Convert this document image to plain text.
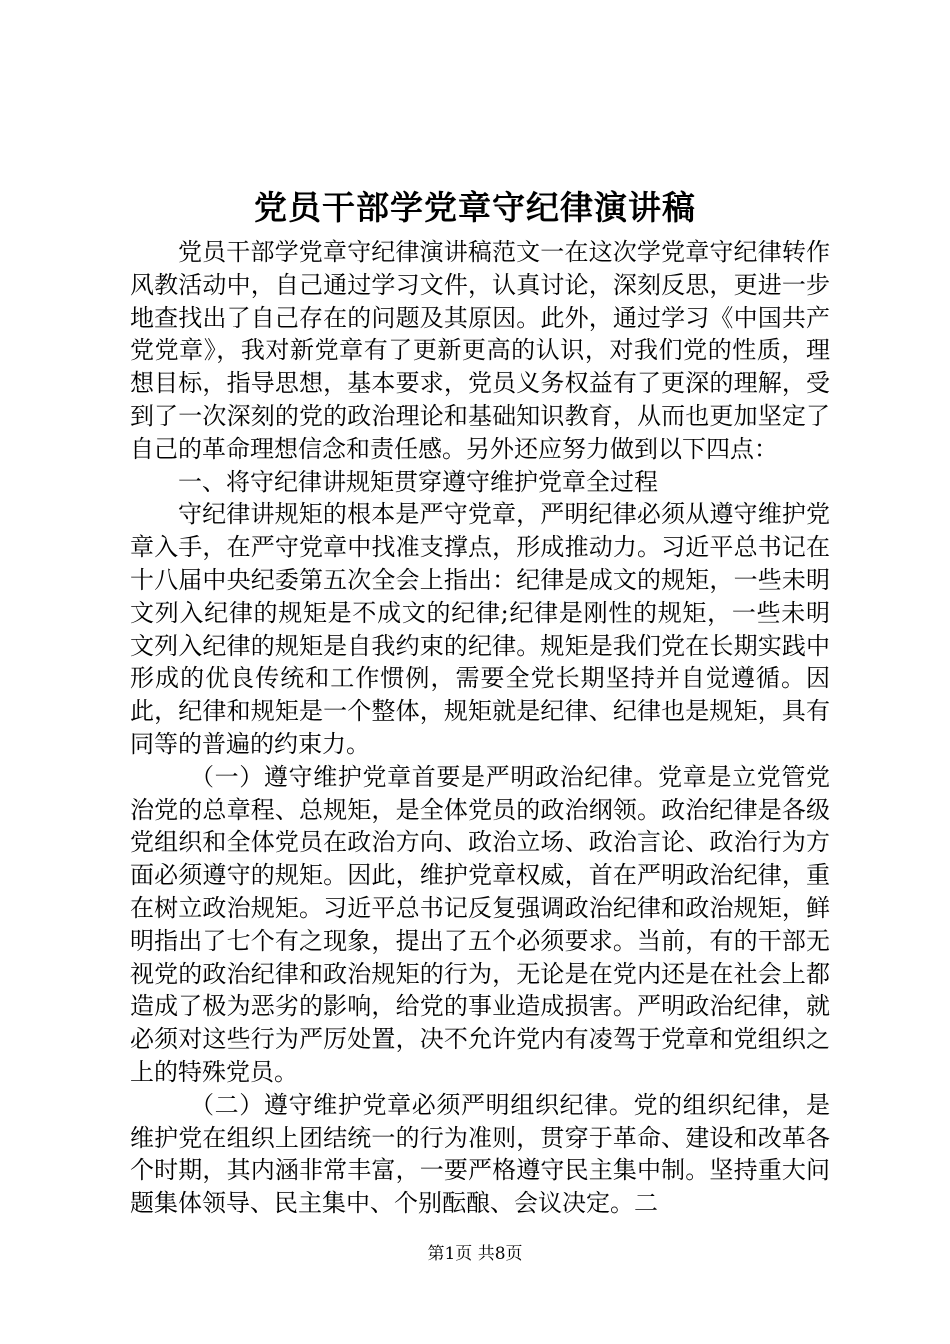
党员干部学党章守纪律演讲稿

党员干部学党章守纪律演讲稿范文一在这次学党章守纪律转作风教活动中，自己通过学习文件，认真讨论，深刻反思，更进一步地查找出了自己存在的问题及其原因。此外，通过学习《中国共产党党章》，我对新党章有了更新更高的认识，对我们党的性质，理想目标，指导思想，基本要求，党员义务权益有了更深的理解，受到了一次深刻的党的政治理论和基础知识教育，从而也更加坚定了自己的革命理想信念和责任感。另外还应努力做到以下四点：

一、将守纪律讲规矩贯穿遵守维护党章全过程

守纪律讲规矩的根本是严守党章，严明纪律必须从遵守维护党章入手，在严守党章中找准支撑点，形成推动力。习近平总书记在十八届中央纪委第五次全会上指出：纪律是成文的规矩，一些未明文列入纪律的规矩是不成文的纪律;纪律是刚性的规矩，一些未明文列入纪律的规矩是自我约束的纪律。规矩是我们党在长期实践中形成的优良传统和工作惯例，需要全党长期坚持并自觉遵循。因此，纪律和规矩是一个整体，规矩就是纪律、纪律也是规矩，具有同等的普遍的约束力。

（一）遵守维护党章首要是严明政治纪律。党章是立党管党治党的总章程、总规矩，是全体党员的政治纲领。政治纪律是各级党组织和全体党员在政治方向、政治立场、政治言论、政治行为方面必须遵守的规矩。因此，维护党章权威，首在严明政治纪律，重在树立政治规矩。习近平总书记反复强调政治纪律和政治规矩，鲜明指出了七个有之现象，提出了五个必须要求。当前，有的干部无视党的政治纪律和政治规矩的行为，无论是在党内还是在社会上都造成了极为恶劣的影响，给党的事业造成损害。严明政治纪律，就必须对这些行为严厉处置，决不允许党内有凌驾于党章和党组织之上的特殊党员。

（二）遵守维护党章必须严明组织纪律。党的组织纪律，是维护党在组织上团结统一的行为准则，贯穿于革命、建设和改革各个时期，其内涵非常丰富，一要严格遵守民主集中制。坚持重大问题集体领导、民主集中、个别酝酿、会议决定。二

第1页 共8页
